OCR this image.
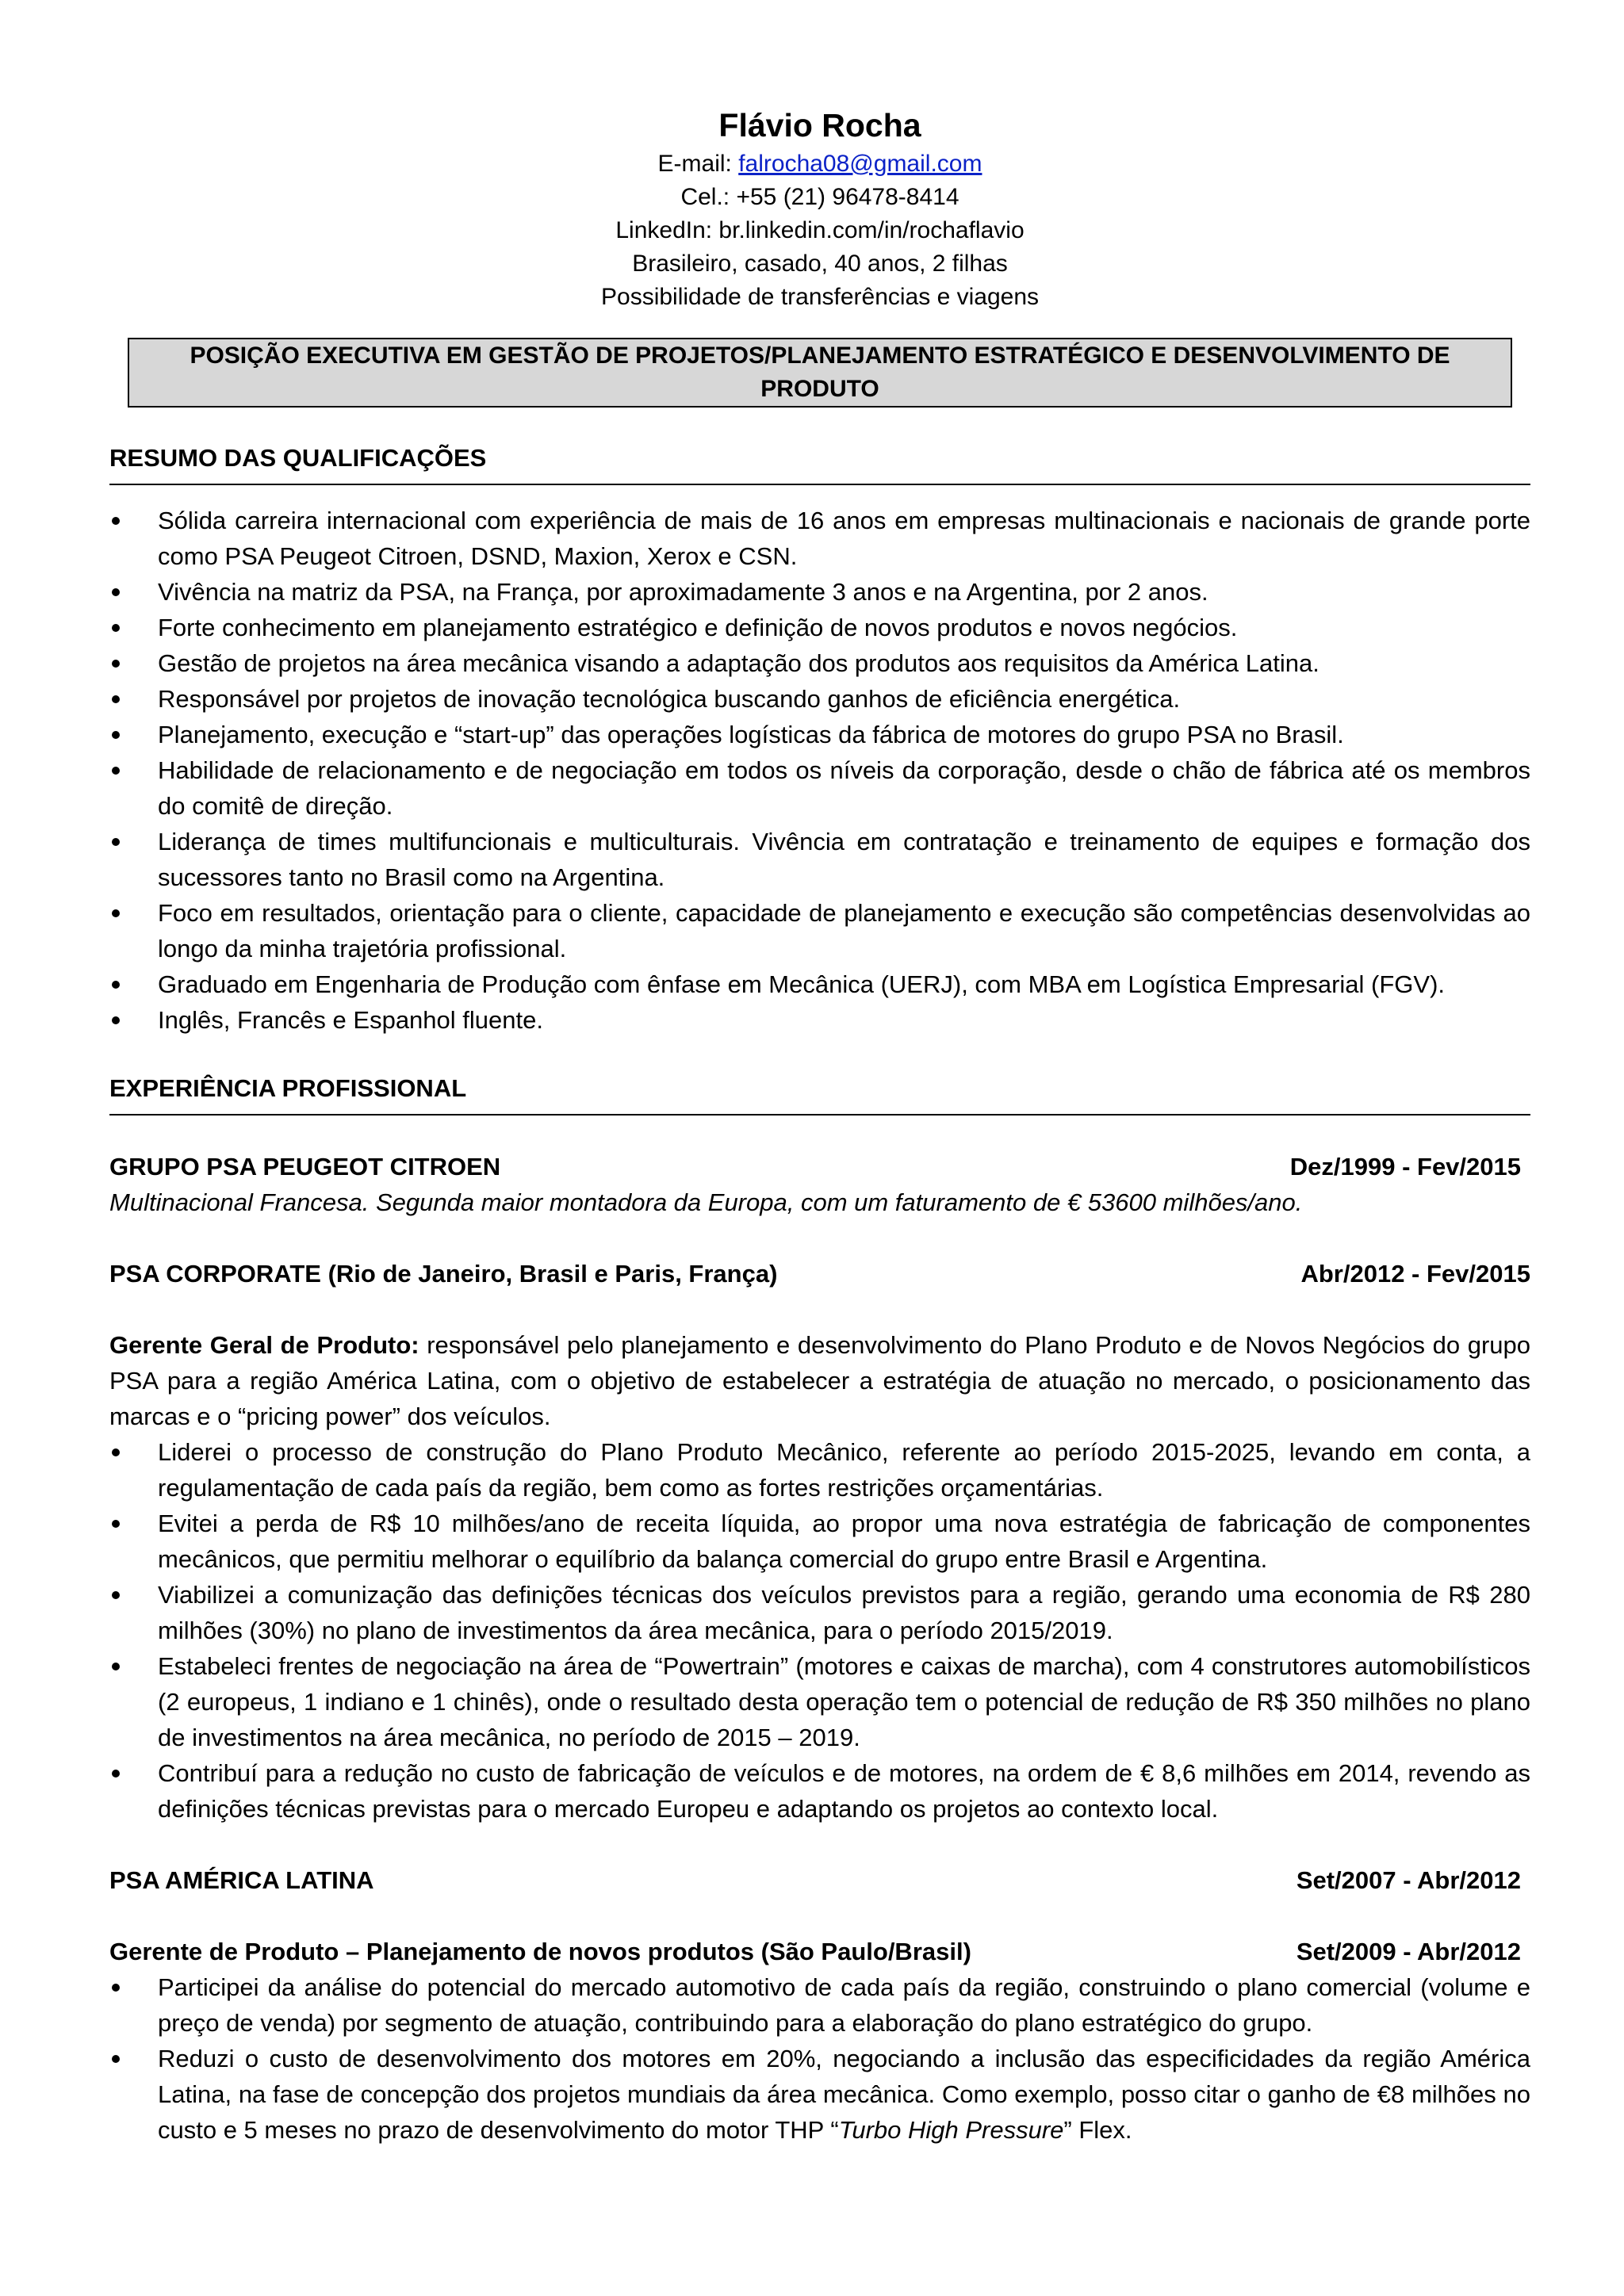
Flávio Rocha
E-mail: falrocha08@gmail.com
Cel.: +55 (21) 96478-8414
LinkedIn: br.linkedin.com/in/rochaflavio
Brasileiro, casado, 40 anos, 2 filhas
Possibilidade de transferências e viagens
POSIÇÃO EXECUTIVA EM GESTÃO DE PROJETOS/PLANEJAMENTO ESTRATÉGICO E DESENVOLVIMENTO DE PRODUTO
RESUMO DAS QUALIFICAÇÕES
Sólida carreira internacional com experiência de mais de 16 anos em empresas multinacionais e nacionais de grande porte como PSA Peugeot Citroen, DSND, Maxion, Xerox e CSN.
Vivência na matriz da PSA, na França, por aproximadamente 3 anos e na Argentina, por 2 anos.
Forte conhecimento em planejamento estratégico e definição de novos produtos e novos negócios.
Gestão de projetos na área mecânica visando a adaptação dos produtos aos requisitos da América Latina.
Responsável por projetos de inovação tecnológica buscando ganhos de eficiência energética.
Planejamento, execução e “start-up” das operações logísticas da fábrica de motores do grupo PSA no Brasil.
Habilidade de relacionamento e de negociação em todos os níveis da corporação, desde o chão de fábrica até os membros do comitê de direção.
Liderança de times multifuncionais e multiculturais. Vivência em contratação e treinamento de equipes e formação dos sucessores tanto no Brasil como na Argentina.
Foco em resultados, orientação para o cliente, capacidade de planejamento e execução são competências desenvolvidas ao longo da minha trajetória profissional.
Graduado em Engenharia de Produção com ênfase em Mecânica (UERJ), com MBA em Logística Empresarial (FGV).
Inglês, Francês e Espanhol fluente.
EXPERIÊNCIA PROFISSIONAL
GRUPO PSA PEUGEOT CITROEN	Dez/1999 - Fev/2015
Multinacional Francesa. Segunda maior montadora da Europa, com um faturamento de € 53600 milhões/ano.
PSA CORPORATE (Rio de Janeiro, Brasil e Paris, França)	Abr/2012 - Fev/2015
Gerente Geral de Produto: responsável pelo planejamento e desenvolvimento do Plano Produto e de Novos Negócios do grupo PSA para a região América Latina, com o objetivo de estabelecer a estratégia de atuação no mercado, o posicionamento das marcas e o “pricing power” dos veículos.
Liderei o processo de construção do Plano Produto Mecânico, referente ao período 2015-2025, levando em conta, a regulamentação de cada país da região, bem como as fortes restrições orçamentárias.
Evitei a perda de R$ 10 milhões/ano de receita líquida, ao propor uma nova estratégia de fabricação de componentes mecânicos, que permitiu melhorar o equilíbrio da balança comercial do grupo entre Brasil e Argentina.
Viabilizei a comunização das definições técnicas dos veículos previstos para a região, gerando uma economia de R$ 280 milhões (30%) no plano de investimentos da área mecânica, para o período 2015/2019.
Estabeleci frentes de negociação na área de “Powertrain” (motores e caixas de marcha), com 4 construtores automobilísticos (2 europeus, 1 indiano e 1 chinês), onde o resultado desta operação tem o potencial de redução de R$ 350 milhões no plano de investimentos na área mecânica, no período de 2015 – 2019.
Contribuí para a redução no custo de fabricação de veículos e de motores, na ordem de € 8,6 milhões em 2014, revendo as definições técnicas previstas para o mercado Europeu e adaptando os projetos ao contexto local.
PSA AMÉRICA LATINA	Set/2007 - Abr/2012
Gerente de Produto – Planejamento de novos produtos (São Paulo/Brasil)	Set/2009 - Abr/2012
Participei da análise do potencial do mercado automotivo de cada país da região, construindo o plano comercial (volume e preço de venda) por segmento de atuação, contribuindo para a elaboração do plano estratégico do grupo.
Reduzi o custo de desenvolvimento dos motores em 20%, negociando a inclusão das especificidades da região América Latina, na fase de concepção dos projetos mundiais da área mecânica. Como exemplo, posso citar o ganho de €8 milhões no custo e 5 meses no prazo de desenvolvimento do motor THP “Turbo High Pressure” Flex.
